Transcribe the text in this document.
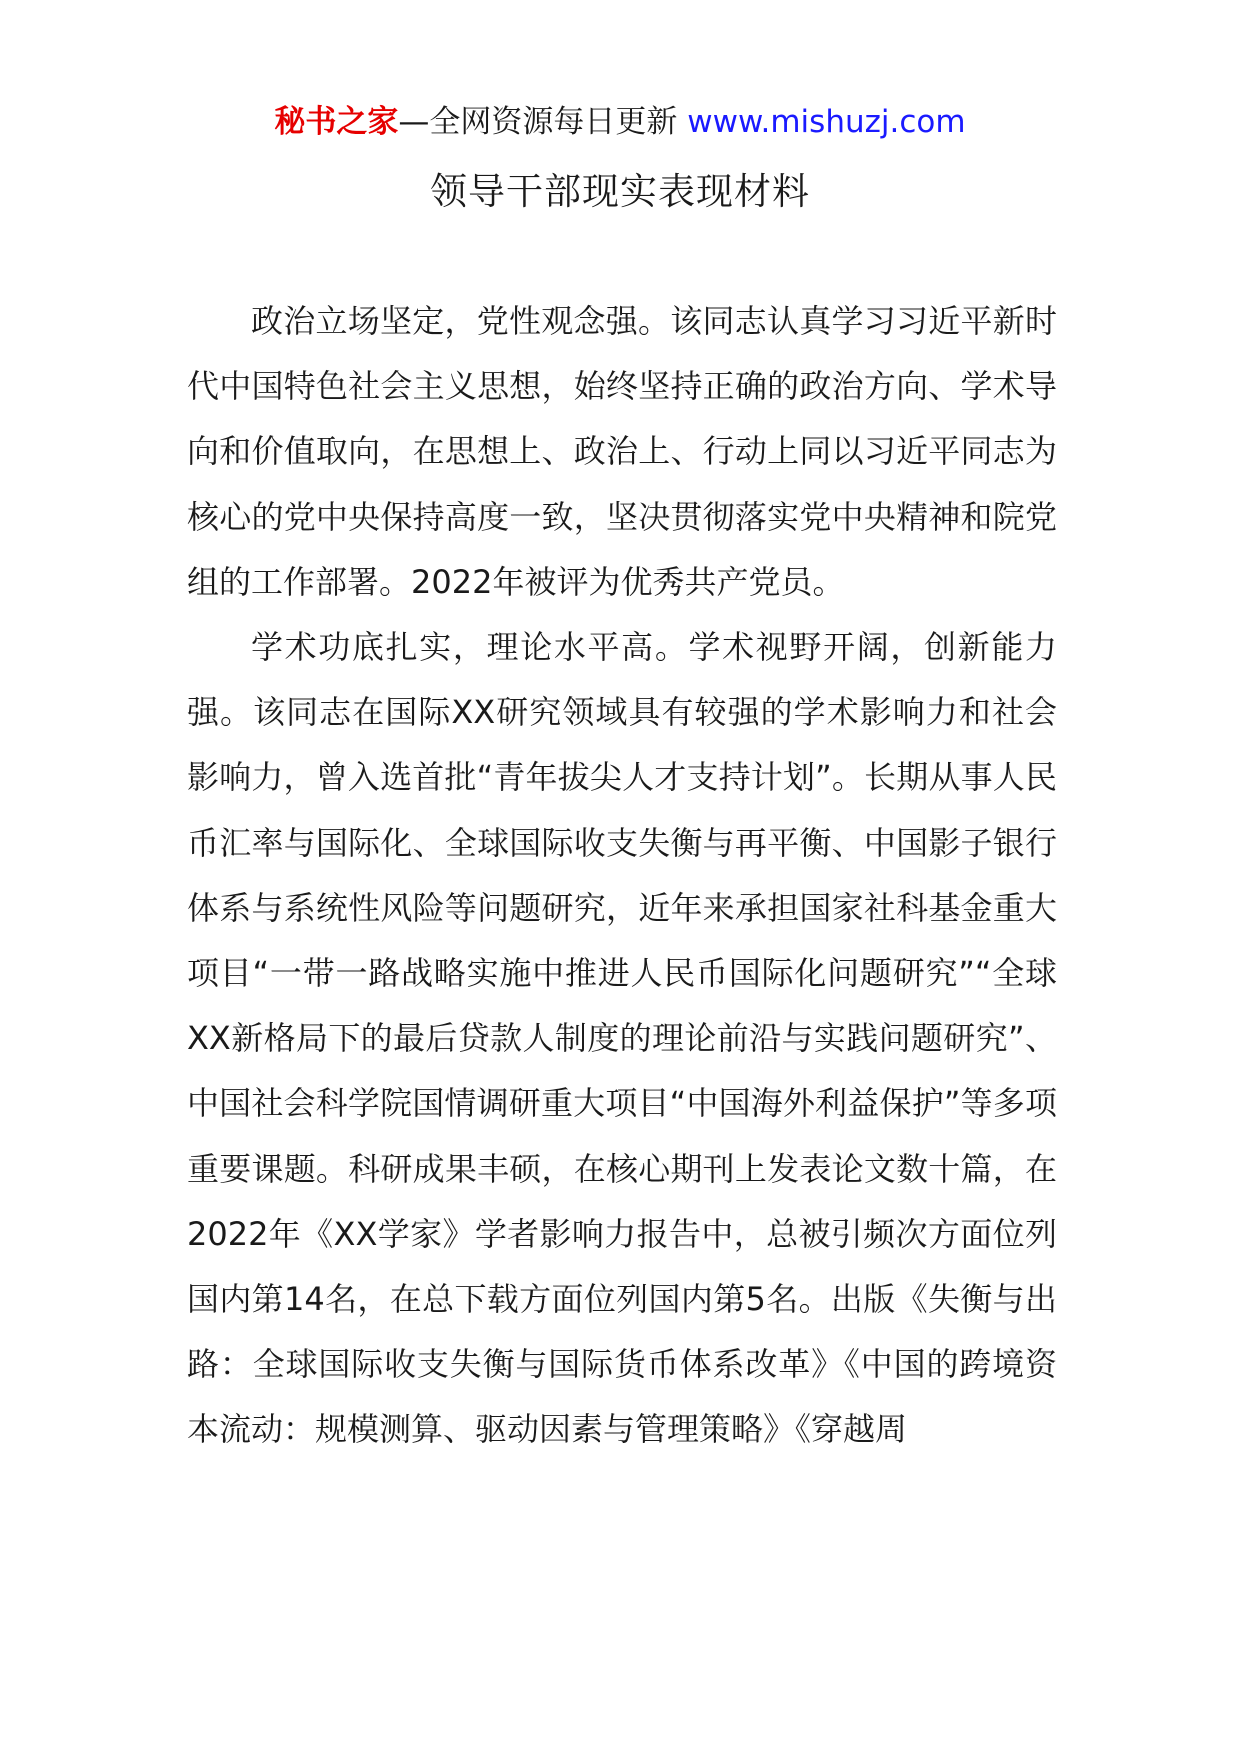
秘书之家—全网资源每日更新 www.mishuzj.com
领导干部现实表现材料

政治立场坚定，党性观念强。该同志认真学习习近平新时代中国特色社会主义思想，始终坚持正确的政治方向、学术导向和价值取向，在思想上、政治上、行动上同以习近平同志为核心的党中央保持高度一致，坚决贯彻落实党中央精神和院党组的工作部署。2022年被评为优秀共产党员。

学术功底扎实，理论水平高。学术视野开阔，创新能力强。该同志在国际XX研究领域具有较强的学术影响力和社会影响力，曾入选首批“青年拔尖人才支持计划”。长期从事人民币汇率与国际化、全球国际收支失衡与再平衡、中国影子银行体系与系统性风险等问题研究，近年来承担国家社科基金重大项目“一带一路战略实施中推进人民币国际化问题研究”“全球XX新格局下的最后贷款人制度的理论前沿与实践问题研究”、中国社会科学院国情调研重大项目“中国海外利益保护”等多项重要课题。科研成果丰硕，在核心期刊上发表论文数十篇，在2022年《XX学家》学者影响力报告中，总被引频次方面位列国内第14名，在总下载方面位列国内第5名。出版《失衡与出路：全球国际收支失衡与国际货币体系改革》《中国的跨境资本流动：规模测算、驱动因素与管理策略》《穿越周
